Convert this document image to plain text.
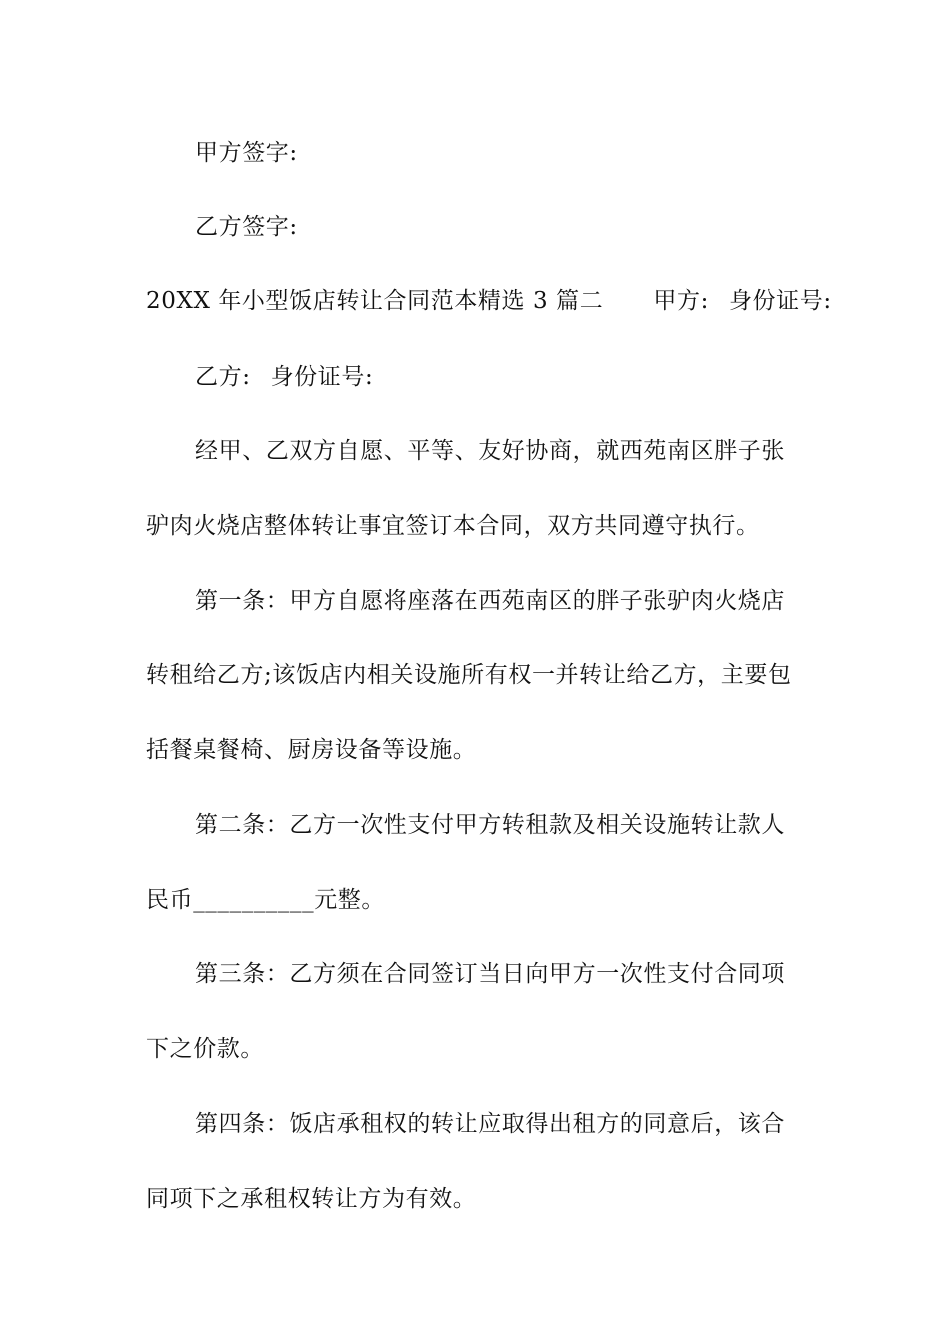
甲方签字:
乙方签字:
20XX 年小型饭店转让合同范本精选 3 篇二 甲方: 身份证号:
乙方: 身份证号:
经甲、乙双方自愿、平等、友好协商，就西苑南区胖子张
驴肉火烧店整体转让事宜签订本合同，双方共同遵守执行。
第一条：甲方自愿将座落在西苑南区的胖子张驴肉火烧店
转租给乙方;该饭店内相关设施所有权一并转让给乙方，主要包
括餐桌餐椅、厨房设备等设施。
第二条：乙方一次性支付甲方转租款及相关设施转让款人
民币__________元整。
第三条：乙方须在合同签订当日向甲方一次性支付合同项
下之价款。
第四条：饭店承租权的转让应取得出租方的同意后，该合
同项下之承租权转让方为有效。
